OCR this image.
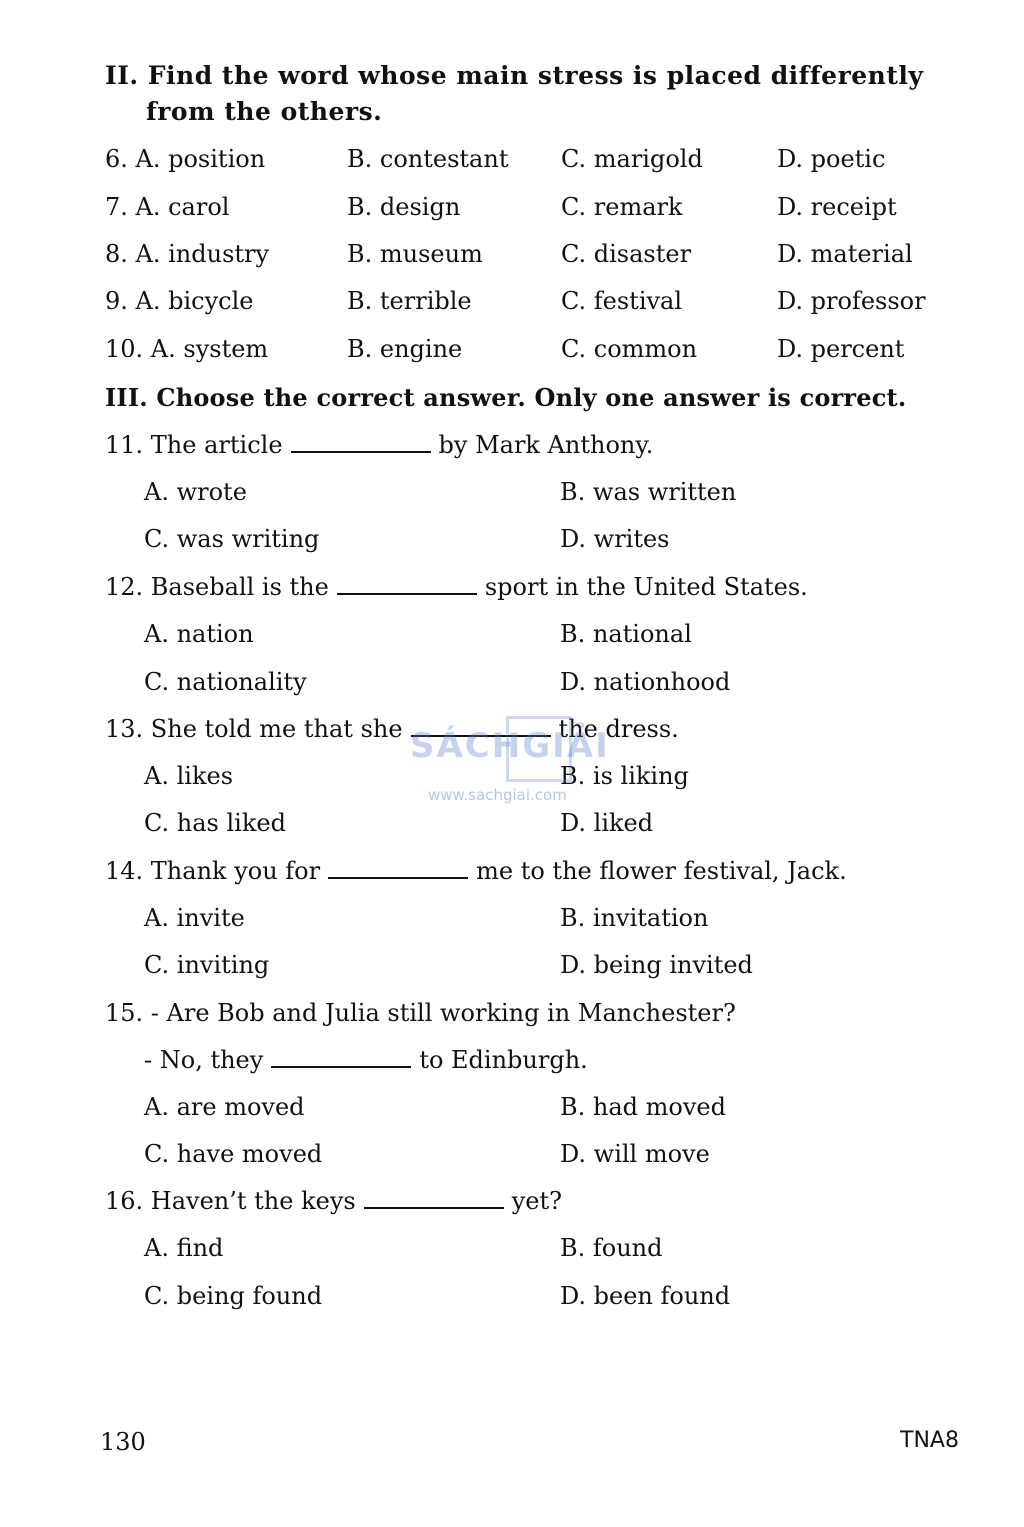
II. Find the word whose main stress is placed differently
from the others.
6. A. position	B. contestant C. marigold	D. poetic
7. A. carol	B. design	C. remark	D. receipt
8. A. industry	B. museum	C. disaster	D. material
9. A. bicycle	B. terrible	C. festival	D. professor
10. A. system	B. engine	C. common	D. percent
III. Choose the correct answer. Only one answer is correct.
11. The article	by Mark Anthony.
A. wrote	B. was written
C. was writing	D. writes
12. Baseball is the	sport in the United States.
A. nation	B. national
C. nationality	D. nationhood
13. She told me that she	the dress.
A. likes	B. is liking
C. has liked	D. liked
SÁCHGIẢI
www.sachgiai.com
14. Thank you for	me to the flower festival, Jack.
A. invite	B. invitation
C. inviting	D. being invited
15. - Are Bob and Julia still working in Manchester?
- No, they	to Edinburgh.
A. are moved	B. had moved
C. have moved	D. will move
16. Haven’t the keys	yet?
A. find	B. found
C. being found	D. been found
130	TNA8
